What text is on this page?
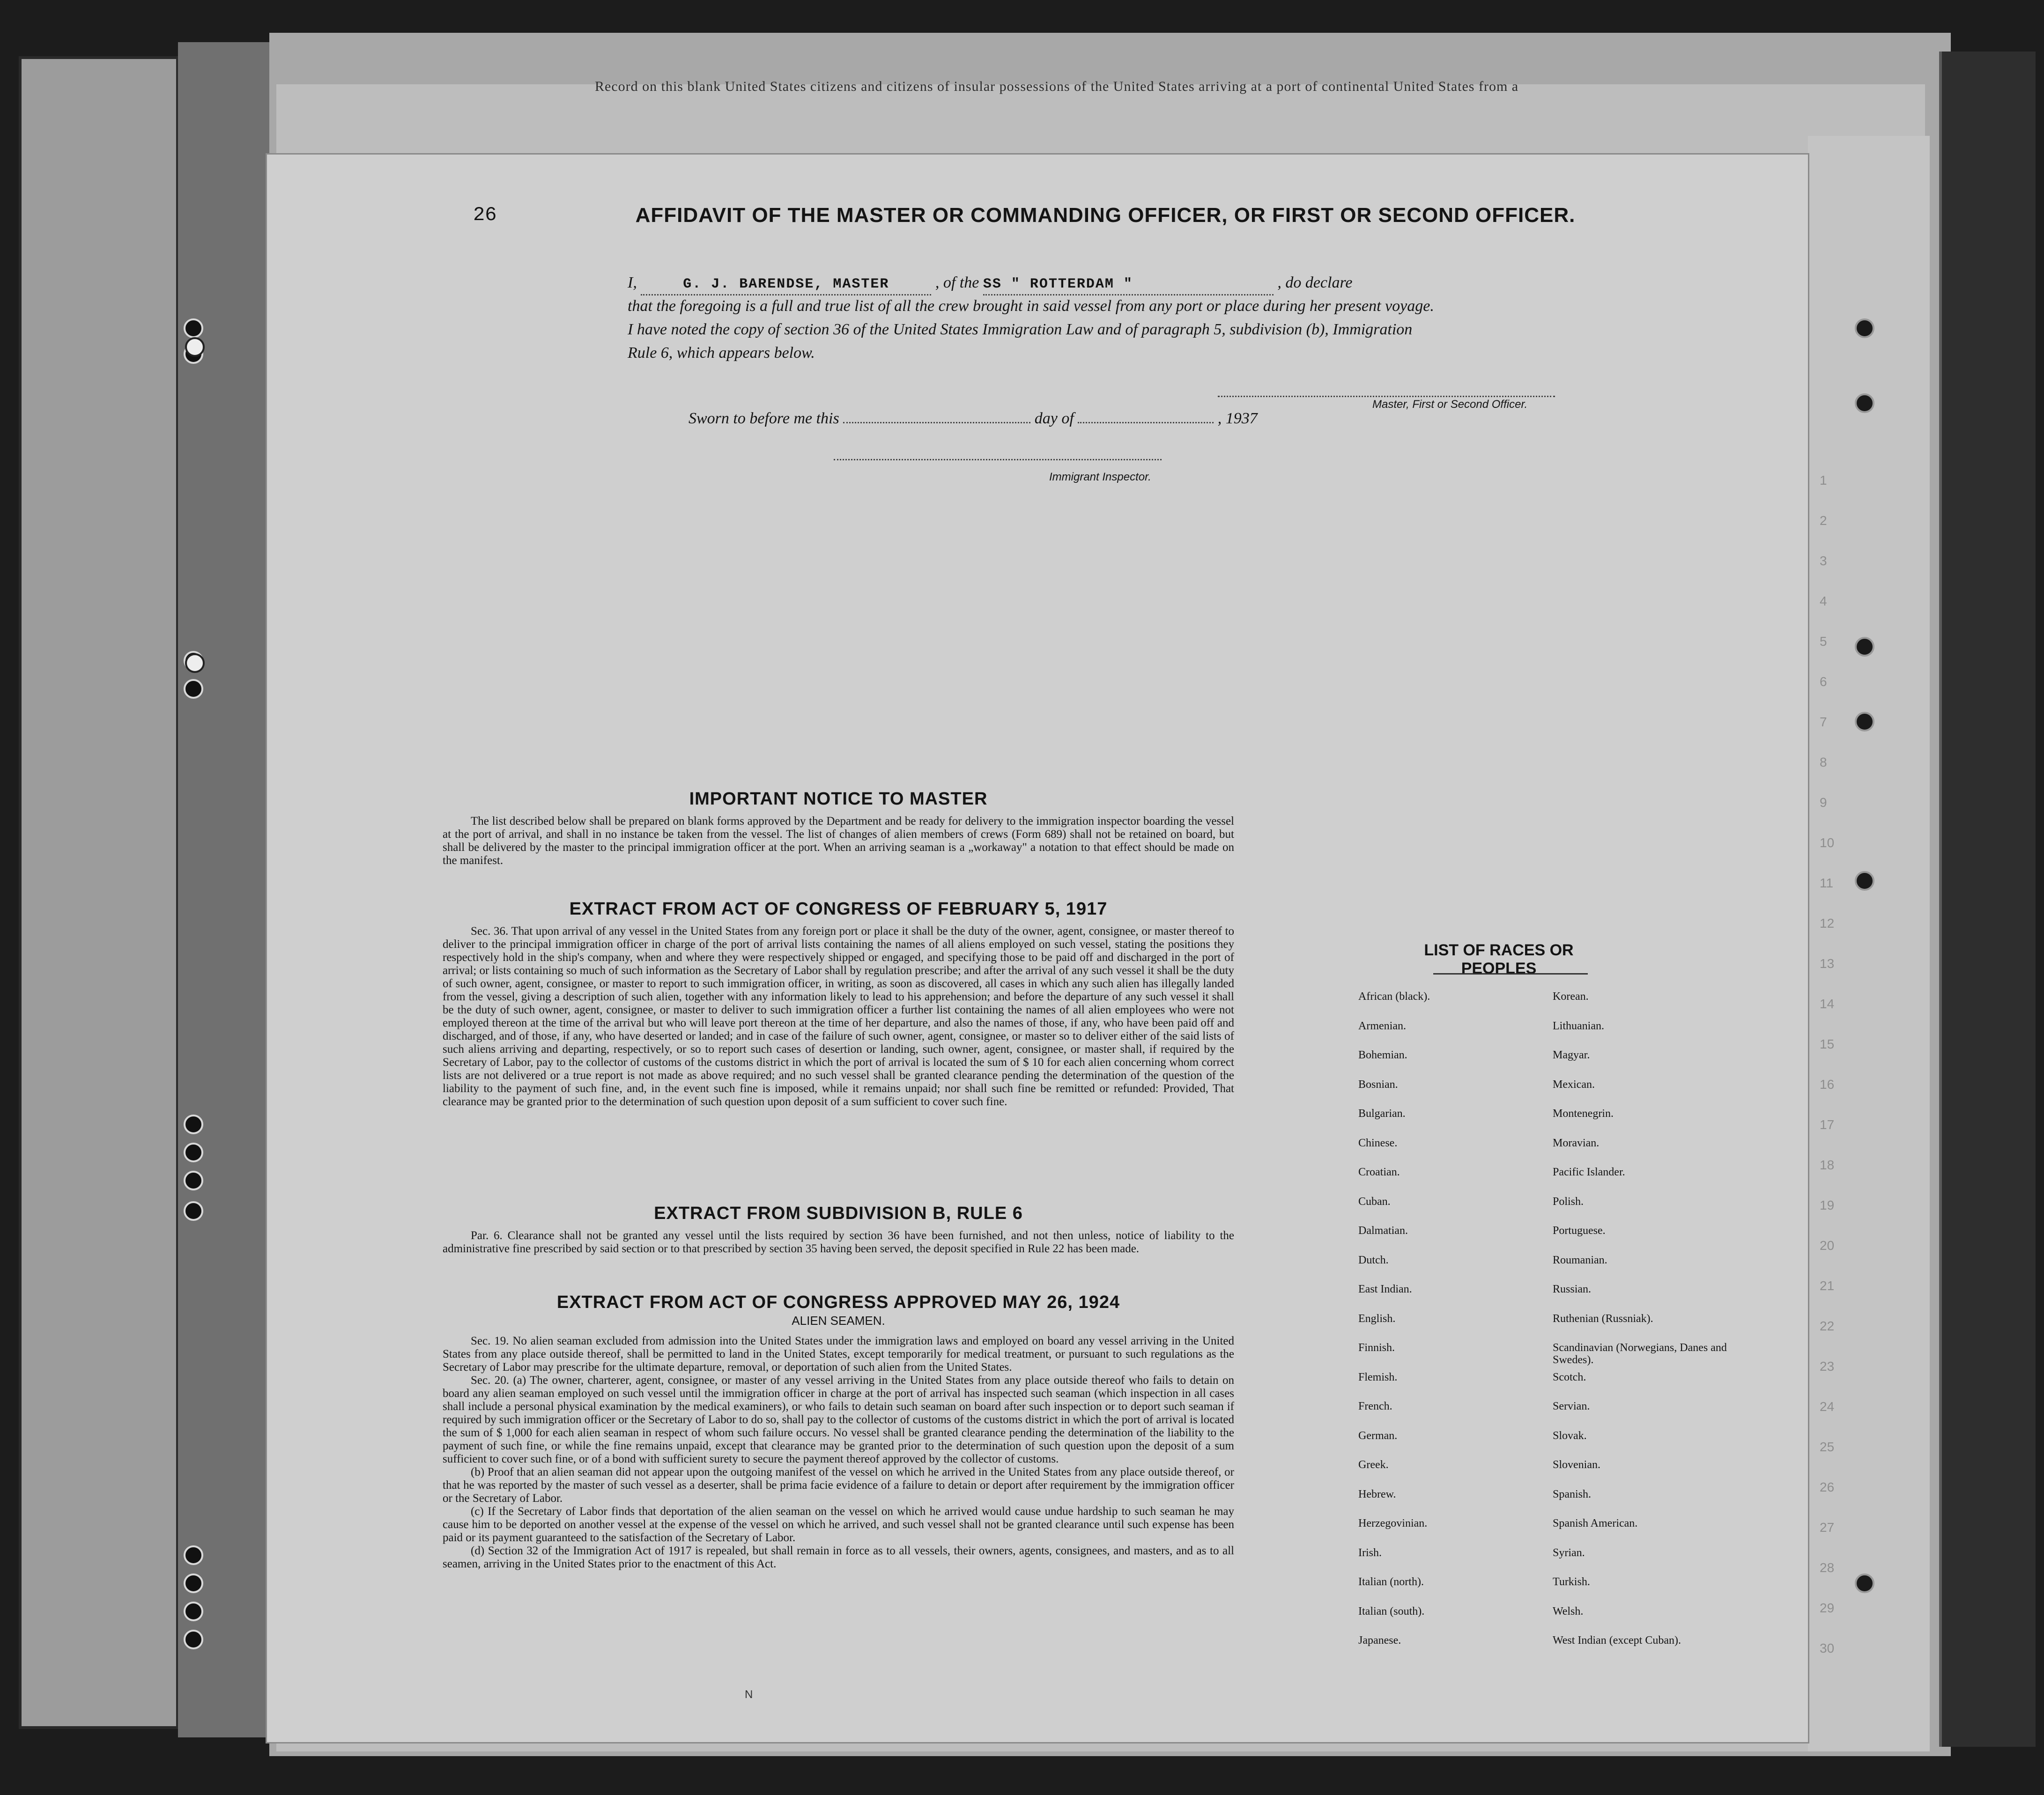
Record on this blank United States citizens and citizens of insular possessions of the United States arriving at a port of continental United States from a
1
2
3
4
5
6
7
8
9
10
11
12
13
14
15
16
17
18
19
20
21
22
23
24
25
26
27
28
29
30
26	AFFIDAVIT OF THE MASTER OR COMMANDING OFFICER, OR FIRST OR SECOND OFFICER.
I,	G. J. BARENDSE, MASTER	, of the SS " ROTTERDAM "	, do declare
that the foregoing is a full and true list of all the crew brought in said vessel from any port or place during her present voyage.
I have noted the copy of section 36 of the United States Immigration Law and of paragraph 5, subdivision (b), Immigration
Rule 6, which appears below.
Master, First or Second Officer.
Sworn to before me this	day of	, 1937
Immigrant Inspector.
IMPORTANT NOTICE TO MASTER

The list described below shall be prepared on blank forms approved by the Department and be ready for delivery to the immigration inspector boarding the vessel at the port of arrival, and shall in no instance be taken from the vessel. The list of changes of alien members of crews (Form 689) shall not be retained on board, but shall be delivered by the master to the principal immigration officer at the port. When an arriving seaman is a „workaway" a notation to that effect should be made on the manifest.

EXTRACT FROM ACT OF CONGRESS OF FEBRUARY 5, 1917

Sec. 36. That upon arrival of any vessel in the United States from any foreign port or place it shall be the duty of the owner, agent, consignee, or master thereof to deliver to the principal immigration officer in charge of the port of arrival lists containing the names of all aliens employed on such vessel, stating the positions they respectively hold in the ship's company, when and where they were respectively shipped or engaged, and specifying those to be paid off and discharged in the port of arrival; or lists containing so much of such information as the Secretary of Labor shall by regulation prescribe; and after the arrival of any such vessel it shall be the duty of such owner, agent, consignee, or master to report to such immigration officer, in writing, as soon as discovered, all cases in which any such alien has illegally landed from the vessel, giving a description of such alien, together with any information likely to lead to his apprehension; and before the departure of any such vessel it shall be the duty of such owner, agent, consignee, or master to deliver to such immigration officer a further list containing the names of all alien employees who were not employed thereon at the time of the arrival but who will leave port thereon at the time of her departure, and also the names of those, if any, who have been paid off and discharged, and of those, if any, who have deserted or landed; and in case of the failure of such owner, agent, consignee, or master so to deliver either of the said lists of such aliens arriving and departing, respectively, or so to report such cases of desertion or landing, such owner, agent, consignee, or master shall, if required by the Secretary of Labor, pay to the collector of customs of the customs district in which the port of arrival is located the sum of $ 10 for each alien concerning whom correct lists are not delivered or a true report is not made as above required; and no such vessel shall be granted clearance pending the determination of the question of the liability to the payment of such fine, and, in the event such fine is imposed, while it remains unpaid; nor shall such fine be remitted or refunded: Provided, That clearance may be granted prior to the determination of such question upon deposit of a sum sufficient to cover such fine.

EXTRACT FROM SUBDIVISION B, RULE 6

Par. 6. Clearance shall not be granted any vessel until the lists required by section 36 have been furnished, and not then unless, notice of liability to the administrative fine prescribed by said section or to that prescribed by section 35 having been served, the deposit specified in Rule 22 has been made.

EXTRACT FROM ACT OF CONGRESS APPROVED MAY 26, 1924
ALIEN SEAMEN.

Sec. 19. No alien seaman excluded from admission into the United States under the immigration laws and employed on board any vessel arriving in the United States from any place outside thereof, shall be permitted to land in the United States, except temporarily for medical treatment, or pursuant to such regulations as the Secretary of Labor may prescribe for the ultimate departure, removal, or deportation of such alien from the United States.

Sec. 20. (a) The owner, charterer, agent, consignee, or master of any vessel arriving in the United States from any place outside thereof who fails to detain on board any alien seaman employed on such vessel until the immigration officer in charge at the port of arrival has inspected such seaman (which inspection in all cases shall include a personal physical examination by the medical examiners), or who fails to detain such seaman on board after such inspection or to deport such seaman if required by such immigration officer or the Secretary of Labor to do so, shall pay to the collector of customs of the customs district in which the port of arrival is located the sum of $ 1,000 for each alien seaman in respect of whom such failure occurs. No vessel shall be granted clearance pending the determination of the liability to the payment of such fine, or while the fine remains unpaid, except that clearance may be granted prior to the determination of such question upon the deposit of a sum sufficient to cover such fine, or of a bond with sufficient surety to secure the payment thereof approved by the collector of customs.

(b) Proof that an alien seaman did not appear upon the outgoing manifest of the vessel on which he arrived in the United States from any place outside thereof, or that he was reported by the master of such vessel as a deserter, shall be prima facie evidence of a failure to detain or deport after requirement by the immigration officer or the Secretary of Labor.

(c) If the Secretary of Labor finds that deportation of the alien seaman on the vessel on which he arrived would cause undue hardship to such seaman he may cause him to be deported on another vessel at the expense of the vessel on which he arrived, and such vessel shall not be granted clearance until such expense has been paid or its payment guaranteed to the satisfaction of the Secretary of Labor.

(d) Section 32 of the Immigration Act of 1917 is repealed, but shall remain in force as to all vessels, their owners, agents, consignees, and masters, and as to all seamen, arriving in the United States prior to the enactment of this Act.

LIST OF RACES OR PEOPLES
African (black).
Armenian.
Bohemian.
Bosnian.
Bulgarian.
Chinese.
Croatian.
Cuban.
Dalmatian.
Dutch.
East Indian.
English.
Finnish.
Flemish.
French.
German.
Greek.
Hebrew.
Herzegovinian.
Irish.
Italian (north).
Italian (south).
Japanese.
Korean.
Lithuanian.
Magyar.
Mexican.
Montenegrin.
Moravian.
Pacific Islander.
Polish.
Portuguese.
Roumanian.
Russian.
Ruthenian (Russniak).
Scandinavian (Norwegians, Danes and Swedes).
Scotch.
Servian.
Slovak.
Slovenian.
Spanish.
Spanish American.
Syrian.
Turkish.
Welsh.
West Indian (except Cuban).
N
